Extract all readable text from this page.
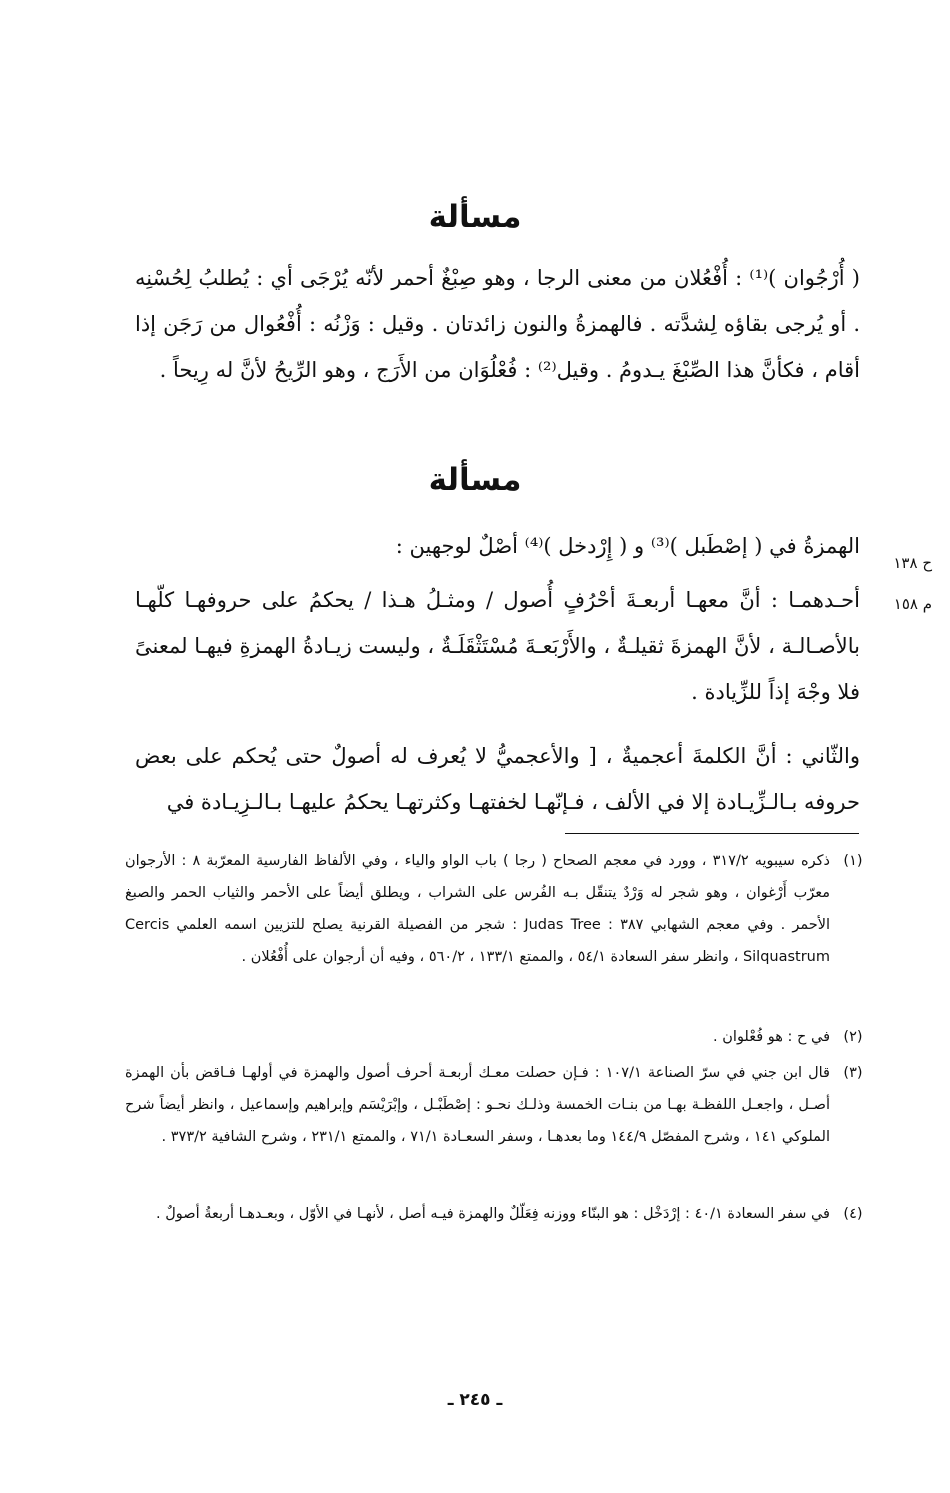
مسألة
( أُرْجُوان )⁽¹⁾ : أُفْعُلان من معنى الرجا ، وهو صِبْغٌ أحمر لأنّه يُرْجَى أي : يُطلبُ لِحُسْنِه . أو يُرجى بقاؤه لِشدَّته . فالهمزةُ والنون زائدتان . وقيل : وَزْنُه : أُفْعُوال من رَجَن إذا أقام ، فكأنَّ هذا الصِّبْغَ يـدومُ . وقيل⁽²⁾ : فُعْلُوَان من الأَرَج ، وهو الرِّيحُ لأنَّ له رِيحاً .
مسألة
الهمزةُ في ( إصْطَبل )⁽³⁾ و ( إِرْدخل )⁽⁴⁾ أصْلٌ لوجهين :
ح ١٣٨
م ١٥٨
أحـدهمـا : أنَّ معهـا أربعـةَ أحْرُفٍ أُصول / ومثـلُ هـذا / يحكمُ على حروفهـا كلّهـا بالأصـالـة ، لأنَّ الهمزةَ ثقيلـةٌ ، والأَرْبَعـةَ مُسْتَثْقَلَـةٌ ، وليست زيـادةُ الهمزةِ فيهـا لمعنىً فلا وجْهَ إذاً للزِّيادة .
والثّاني : أنَّ الكلمةَ أعجميةٌ ، [ والأعجميُّ لا يُعرف له أصولٌ حتى يُحكم على بعض حروفه بـالـزِّيـادة إلا في الألف ، فـإنّهـا لخفتهـا وكثرتهـا يحكمُ عليهـا بـالـزِيـادة في
(١)
ذكره سيبويه ٣١٧/٢ ، وورد في معجم الصحاح ( رجا ) باب الواو والياء ، وفي الألفاظ الفارسية المعرّبة ٨ : الأرجوان معرّب أَرْغوان ، وهو شجر له وَرْدٌ يتنقّل بـه الفُرس على الشراب ، ويطلق أيضاً على الأحمر والثياب الحمر والصبغ الأحمر . وفي معجم الشهابي ٣٨٧ : Judas Tree : شجر من الفصيلة القرنية يصلح للتزيين اسمه العلمي Cercis Silquastrum ، وانظر سفر السعادة ٥٤/١ ، والممتع ١٣٣/١ ، ٥٦٠/٢ ، وفيه أن أرجوان على أُفْعُلان .
(٢)
في ح : هو فُعْلوان .
(٣)
قال ابن جني في سرّ الصناعة ١٠٧/١ : فـإن حصلت معـك أربعـة أحرف أصول والهمزة في أولهـا فـاقض بأن الهمزة أصـل ، واجعـل اللفظـة بهـا من بنـات الخمسة وذلـك نحـو : إصْطَبْـل ، وإبْرَيْسَم وإبراهيم وإسماعيل ، وانظر أيضاً شرح الملوكي ١٤١ ، وشرح المفصّل ١٤٤/٩ وما بعدهـا ، وسفر السعـادة ٧١/١ ، والممتع ٢٣١/١ ، وشرح الشافية ٣٧٣/٢ .
(٤)
في سفر السعادة ٤٠/١ : إرْدَخْل : هو البنّاء ووزنه فِعَلّلٌ والهمزة فيـه أصل ، لأنهـا في الأوّل ، وبعـدهـا أربعةُ أصولٌ .
ـ ٢٤٥ ـ
